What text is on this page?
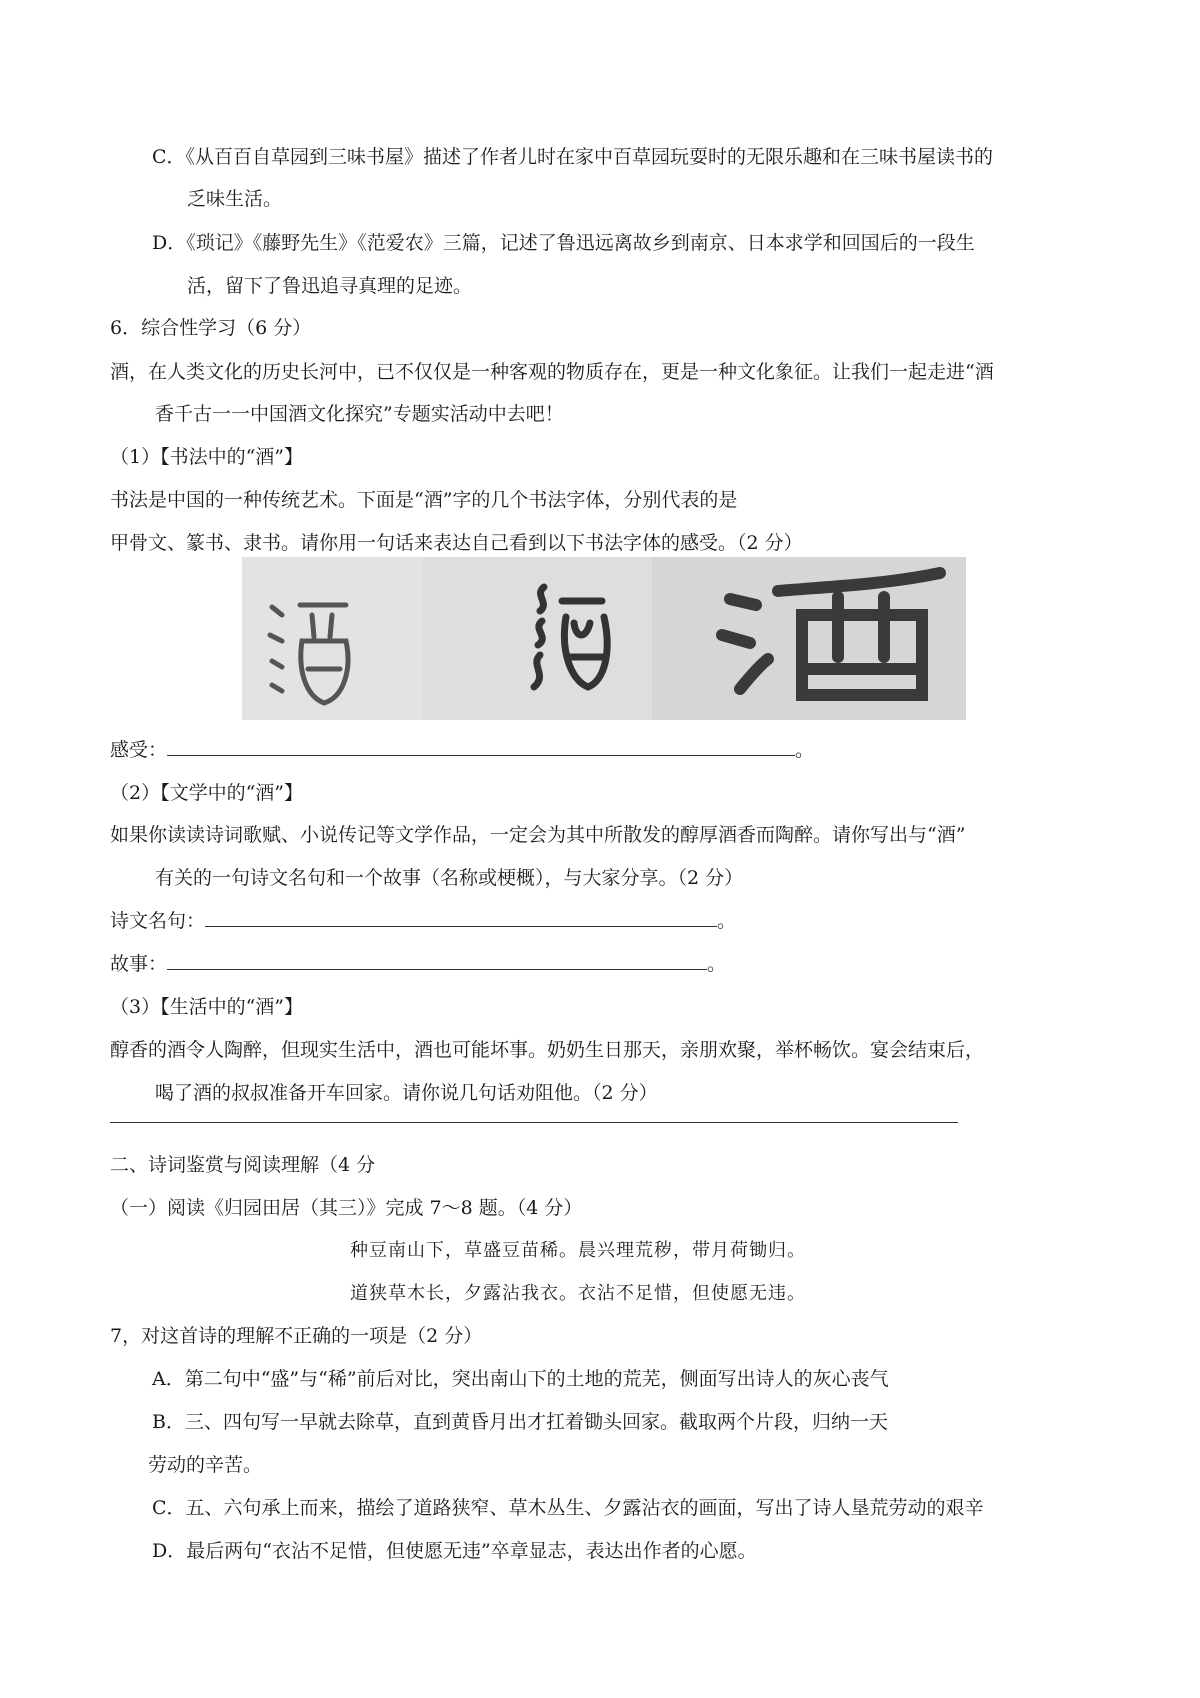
C．《从百百自草园到三味书屋》描述了作者儿时在家中百草园玩耍时的无限乐趣和在三味书屋读书的
乏味生活。
D．《琐记》《藤野先生》《范爱农》三篇，记述了鲁迅远离故乡到南京、日本求学和回国后的一段生
活，留下了鲁迅追寻真理的足迹。
6．综合性学习（6 分）
酒，在人类文化的历史长河中，已不仅仅是一种客观的物质存在，更是一种文化象征。让我们一起走进“酒
香千古一一中国酒文化探究”专题实活动中去吧！
（1）【书法中的“酒”】
书法是中国的一种传统艺术。下面是“酒”字的几个书法字体，分别代表的是
甲骨文、篆书、隶书。请你用一句话来表达自己看到以下书法字体的感受。（2 分）
感受：	。
（2）【文学中的“酒”】
如果你读读诗词歌赋、小说传记等文学作品，一定会为其中所散发的醇厚酒香而陶醉。请你写出与“酒”
有关的一句诗文名句和一个故事（名称或梗概），与大家分享。（2 分）
诗文名句：	。
故事：	。
（3）【生活中的“酒”】
醇香的酒令人陶醉，但现实生活中，酒也可能坏事。奶奶生日那天，亲朋欢聚，举杯畅饮。宴会结束后，
喝了酒的叔叔准备开车回家。请你说几句话劝阻他。（2 分）
二、诗词鉴赏与阅读理解（4 分
（一）阅读《归园田居（其三）》完成 7～8 题。（4 分）
种豆南山下，草盛豆苗稀。晨兴理荒秽，带月荷锄归。
道狭草木长，夕露沾我衣。衣沾不足惜，但使愿无违。
7，对这首诗的理解不正确的一项是（2 分）
A．第二句中“盛”与“稀”前后对比，突出南山下的土地的荒芜，侧面写出诗人的灰心丧气
B．三、四句写一早就去除草，直到黄昏月出才扛着锄头回家。截取两个片段，归纳一天
劳动的辛苦。
C．五、六句承上而来，描绘了道路狭窄、草木丛生、夕露沾衣的画面，写出了诗人垦荒劳动的艰辛
D．最后两句“衣沾不足惜，但使愿无违”卒章显志，表达出作者的心愿。
